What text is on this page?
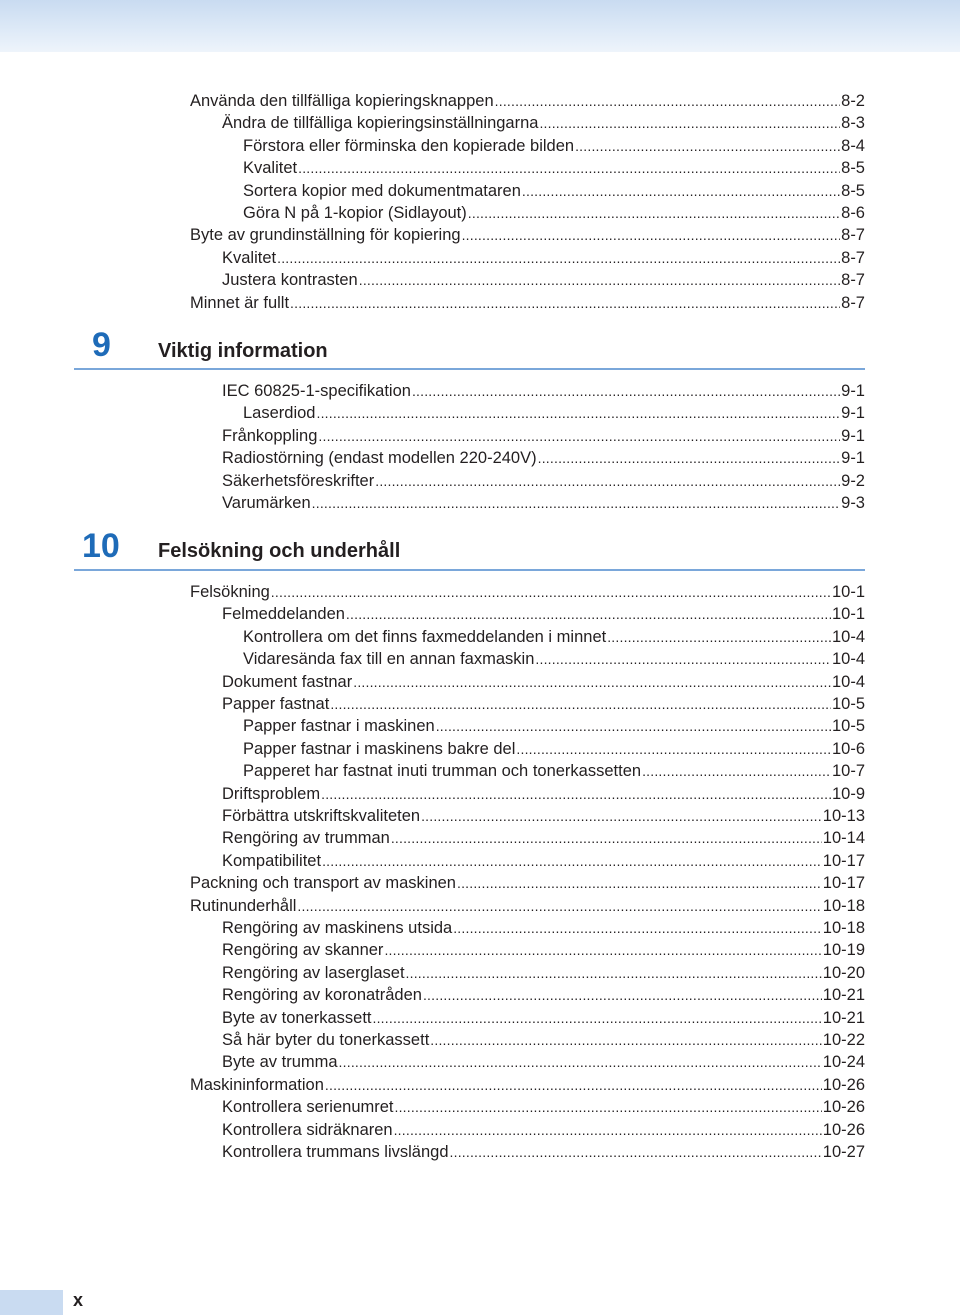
Använda den tillfälliga kopieringsknappen .....	8-2
Ändra de tillfälliga kopieringsinställningarna .....	8-3
Förstora eller förminska den kopierade bilden .....	8-4
Kvalitet .....	8-5
Sortera kopior med dokumentmataren .....	8-5
Göra N på 1-kopior (Sidlayout) .....	8-6
Byte av grundinställning för kopiering .....	8-7
Kvalitet .....	8-7
Justera kontrasten .....	8-7
Minnet är fullt .....	8-7
9 Viktig information
IEC 60825-1-specifikation .....	9-1
Laserdiod .....	9-1
Frånkoppling .....	9-1
Radiostörning (endast modellen 220-240V) .....	9-1
Säkerhetsföreskrifter .....	9-2
Varumärken .....	9-3
10 Felsökning och underhåll
Felsökning .....	10-1
Felmeddelanden .....	10-1
Kontrollera om det finns faxmeddelanden i minnet .....	10-4
Vidaresända fax till en annan faxmaskin .....	10-4
Dokument fastnar .....	10-4
Papper fastnat .....	10-5
Papper fastnar i maskinen .....	10-5
Papper fastnar i maskinens bakre del .....	10-6
Papperet har fastnat inuti trumman och tonerkassetten .....	10-7
Driftsproblem .....	10-9
Förbättra utskriftskvaliteten .....	10-13
Rengöring av trumman .....	10-14
Kompatibilitet .....	10-17
Packning och transport av maskinen .....	10-17
Rutinunderhåll .....	10-18
Rengöring av maskinens utsida .....	10-18
Rengöring av skanner .....	10-19
Rengöring av laserglaset .....	10-20
Rengöring av koronatråden .....	10-21
Byte av tonerkassett .....	10-21
Så här byter du tonerkassett .....	10-22
Byte av trumma .....	10-24
Maskininformation .....	10-26
Kontrollera serienumret .....	10-26
Kontrollera sidräknaren .....	10-26
Kontrollera trummans livslängd .....	10-27
x
